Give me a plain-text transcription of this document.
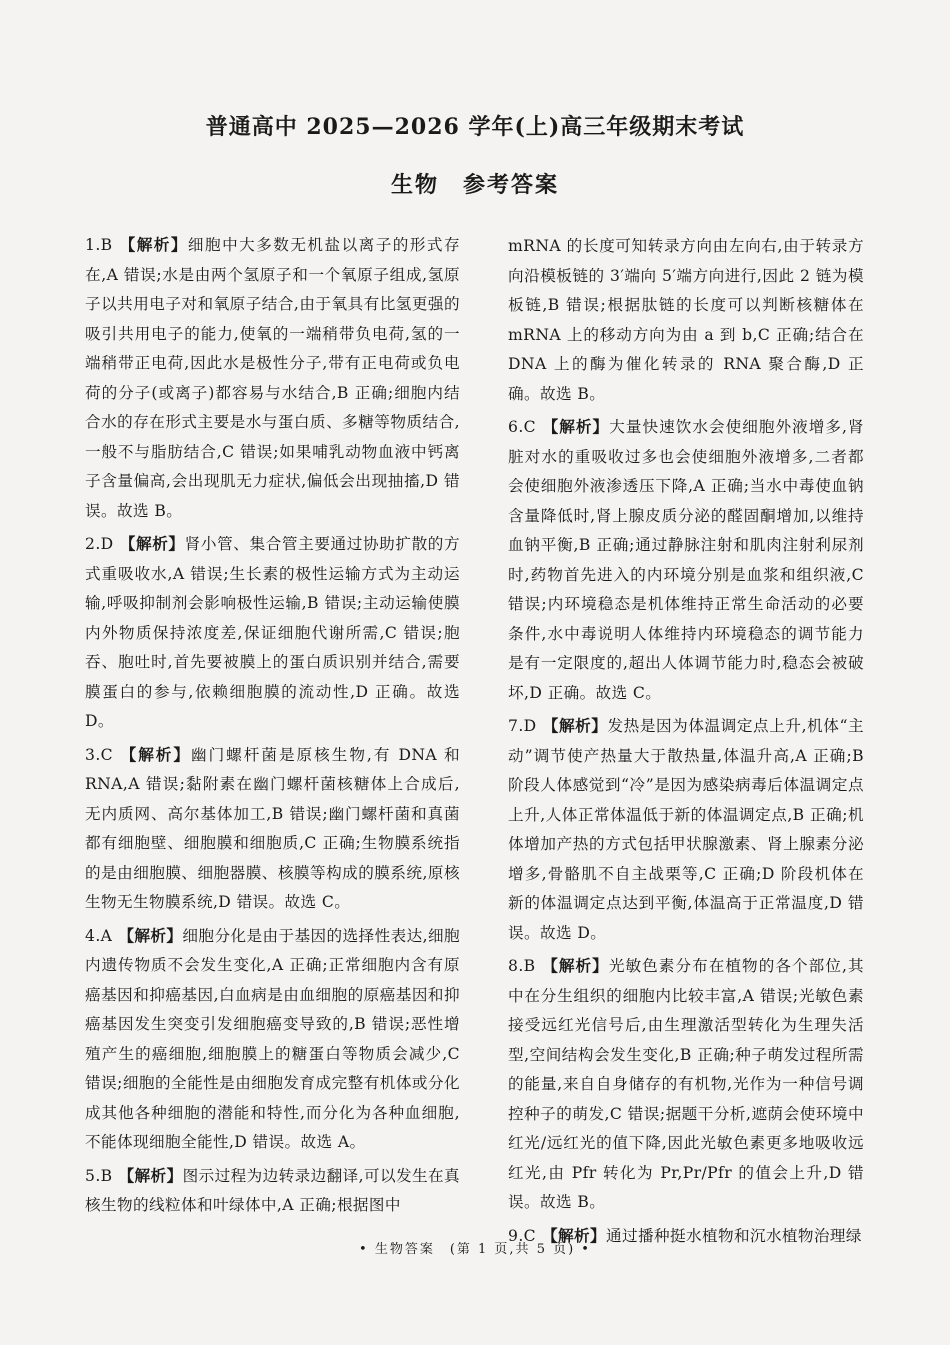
普通高中 2025—2026 学年(上)高三年级期末考试
生物　参考答案

1.B 【解析】细胞中大多数无机盐以离子的形式存在,A 错误;水是由两个氢原子和一个氧原子组成,氢原子以共用电子对和氧原子结合,由于氧具有比氢更强的吸引共用电子的能力,使氧的一端稍带负电荷,氢的一端稍带正电荷,因此水是极性分子,带有正电荷或负电荷的分子(或离子)都容易与水结合,B 正确;细胞内结合水的存在形式主要是水与蛋白质、多糖等物质结合,一般不与脂肪结合,C 错误;如果哺乳动物血液中钙离子含量偏高,会出现肌无力症状,偏低会出现抽搐,D 错误。故选 B。

2.D 【解析】肾小管、集合管主要通过协助扩散的方式重吸收水,A 错误;生长素的极性运输方式为主动运输,呼吸抑制剂会影响极性运输,B 错误;主动运输使膜内外物质保持浓度差,保证细胞代谢所需,C 错误;胞吞、胞吐时,首先要被膜上的蛋白质识别并结合,需要膜蛋白的参与,依赖细胞膜的流动性,D 正确。故选 D。

3.C 【解析】幽门螺杆菌是原核生物,有 DNA 和 RNA,A 错误;黏附素在幽门螺杆菌核糖体上合成后,无内质网、高尔基体加工,B 错误;幽门螺杆菌和真菌都有细胞壁、细胞膜和细胞质,C 正确;生物膜系统指的是由细胞膜、细胞器膜、核膜等构成的膜系统,原核生物无生物膜系统,D 错误。故选 C。

4.A 【解析】细胞分化是由于基因的选择性表达,细胞内遗传物质不会发生变化,A 正确;正常细胞内含有原癌基因和抑癌基因,白血病是由血细胞的原癌基因和抑癌基因发生突变引发细胞癌变导致的,B 错误;恶性增殖产生的癌细胞,细胞膜上的糖蛋白等物质会减少,C 错误;细胞的全能性是由细胞发育成完整有机体或分化成其他各种细胞的潜能和特性,而分化为各种血细胞,不能体现细胞全能性,D 错误。故选 A。

5.B 【解析】图示过程为边转录边翻译,可以发生在真核生物的线粒体和叶绿体中,A 正确;根据图中

mRNA 的长度可知转录方向由左向右,由于转录方向沿模板链的 3′端向 5′端方向进行,因此 2 链为模板链,B 错误;根据肽链的长度可以判断核糖体在 mRNA 上的移动方向为由 a 到 b,C 正确;结合在 DNA 上的酶为催化转录的 RNA 聚合酶,D 正确。故选 B。

6.C 【解析】大量快速饮水会使细胞外液增多,肾脏对水的重吸收过多也会使细胞外液增多,二者都会使细胞外液渗透压下降,A 正确;当水中毒使血钠含量降低时,肾上腺皮质分泌的醛固酮增加,以维持血钠平衡,B 正确;通过静脉注射和肌肉注射利尿剂时,药物首先进入的内环境分别是血浆和组织液,C 错误;内环境稳态是机体维持正常生命活动的必要条件,水中毒说明人体维持内环境稳态的调节能力是有一定限度的,超出人体调节能力时,稳态会被破坏,D 正确。故选 C。

7.D 【解析】发热是因为体温调定点上升,机体“主动”调节使产热量大于散热量,体温升高,A 正确;B 阶段人体感觉到“冷”是因为感染病毒后体温调定点上升,人体正常体温低于新的体温调定点,B 正确;机体增加产热的方式包括甲状腺激素、肾上腺素分泌增多,骨骼肌不自主战栗等,C 正确;D 阶段机体在新的体温调定点达到平衡,体温高于正常温度,D 错误。故选 D。

8.B 【解析】光敏色素分布在植物的各个部位,其中在分生组织的细胞内比较丰富,A 错误;光敏色素接受远红光信号后,由生理激活型转化为生理失活型,空间结构会发生变化,B 正确;种子萌发过程所需的能量,来自自身储存的有机物,光作为一种信号调控种子的萌发,C 错误;据题干分析,遮荫会使环境中红光/远红光的值下降,因此光敏色素更多地吸收远红光,由 Pfr 转化为 Pr,Pr/Pfr 的值会上升,D 错误。故选 B。

9.C 【解析】通过播种挺水植物和沉水植物治理绿

• 生物答案　(第 1 页,共 5 页) •
